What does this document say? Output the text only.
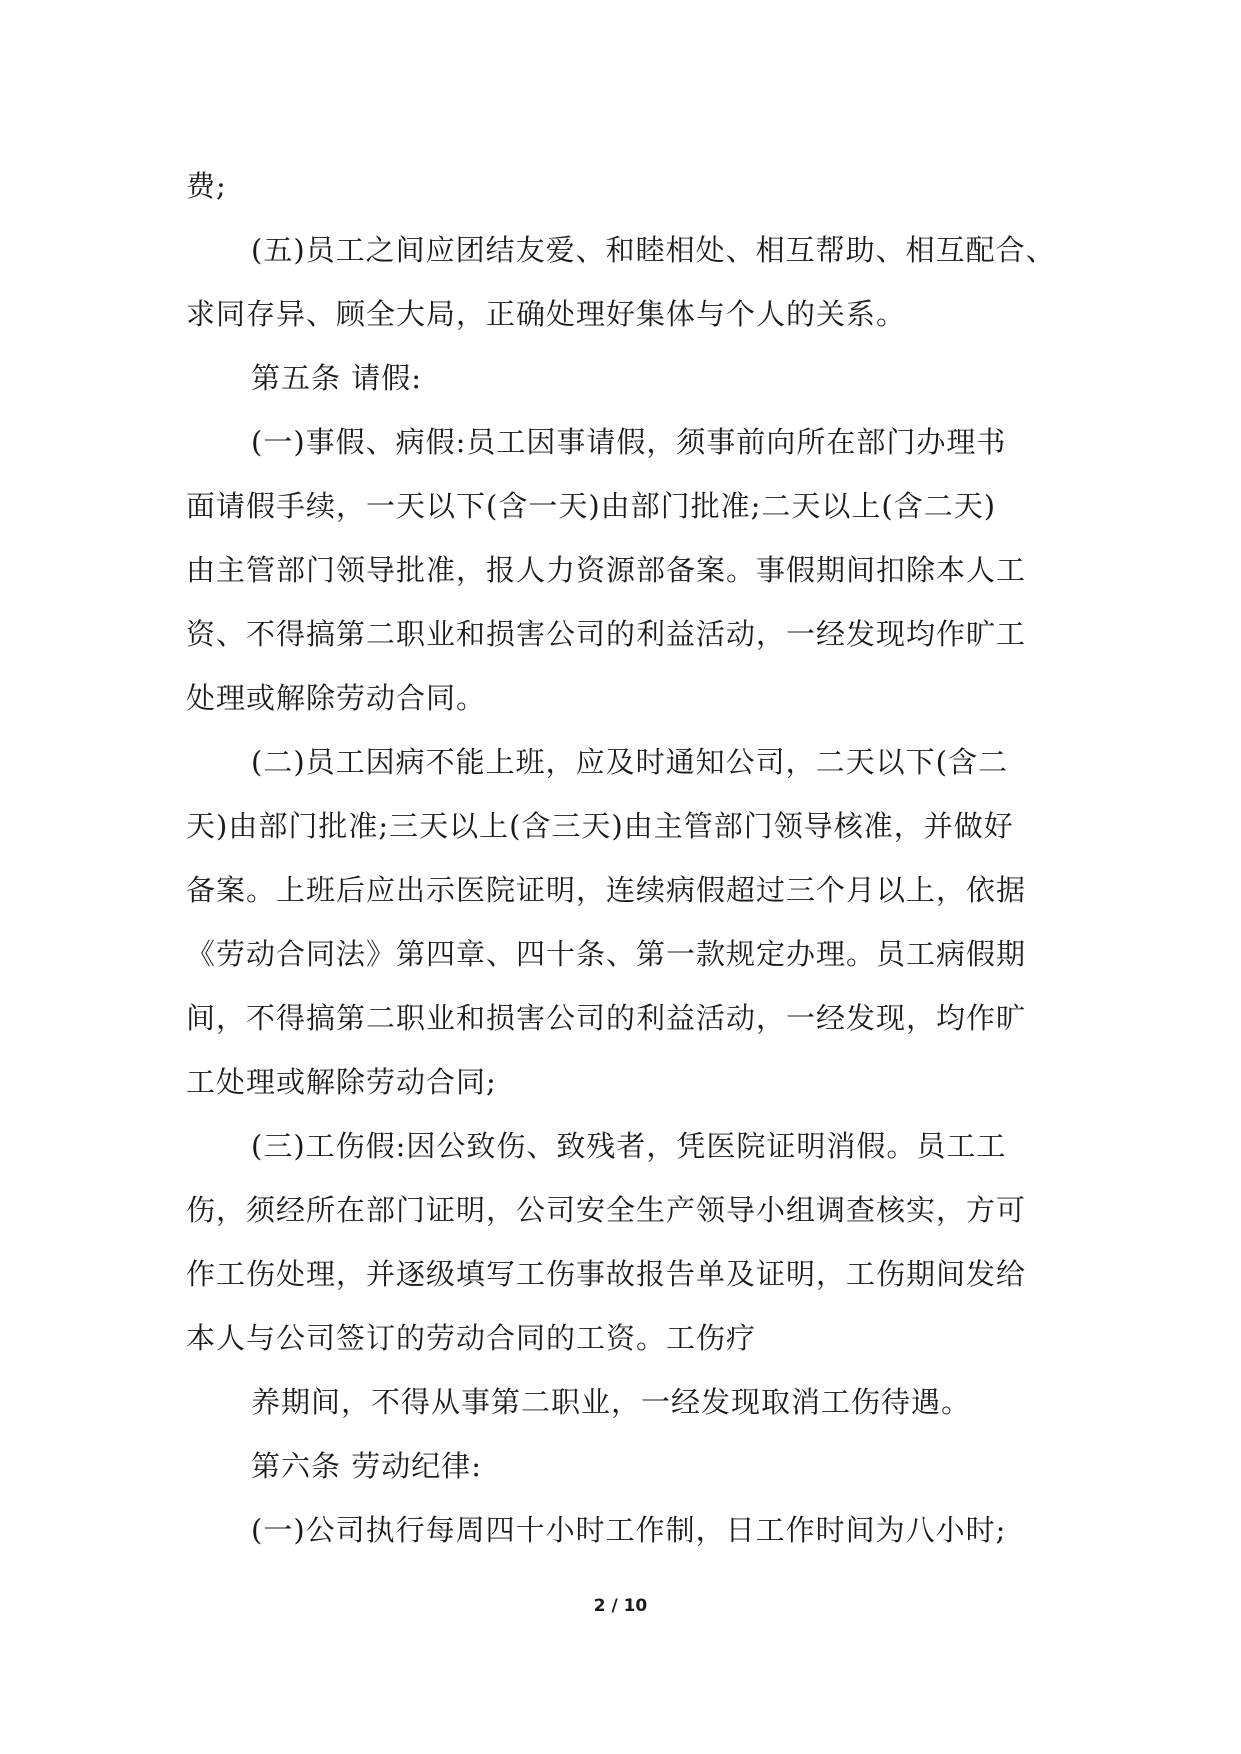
费;
(五)员工之间应团结友爱、和睦相处、相互帮助、相互配合、
求同存异、顾全大局，正确处理好集体与个人的关系。
第五条 请假:
(一)事假、病假:员工因事请假，须事前向所在部门办理书
面请假手续，一天以下(含一天)由部门批准;二天以上(含二天)
由主管部门领导批准，报人力资源部备案。事假期间扣除本人工
资、不得搞第二职业和损害公司的利益活动，一经发现均作旷工
处理或解除劳动合同。
(二)员工因病不能上班，应及时通知公司，二天以下(含二
天)由部门批准;三天以上(含三天)由主管部门领导核准，并做好
备案。上班后应出示医院证明，连续病假超过三个月以上，依据
《劳动合同法》第四章、四十条、第一款规定办理。员工病假期
间，不得搞第二职业和损害公司的利益活动，一经发现，均作旷
工处理或解除劳动合同;
(三)工伤假:因公致伤、致残者，凭医院证明消假。员工工
伤，须经所在部门证明，公司安全生产领导小组调查核实，方可
作工伤处理，并逐级填写工伤事故报告单及证明，工伤期间发给
本人与公司签订的劳动合同的工资。工伤疗
养期间，不得从事第二职业，一经发现取消工伤待遇。
第六条 劳动纪律:
(一)公司执行每周四十小时工作制，日工作时间为八小时;
2 / 10
